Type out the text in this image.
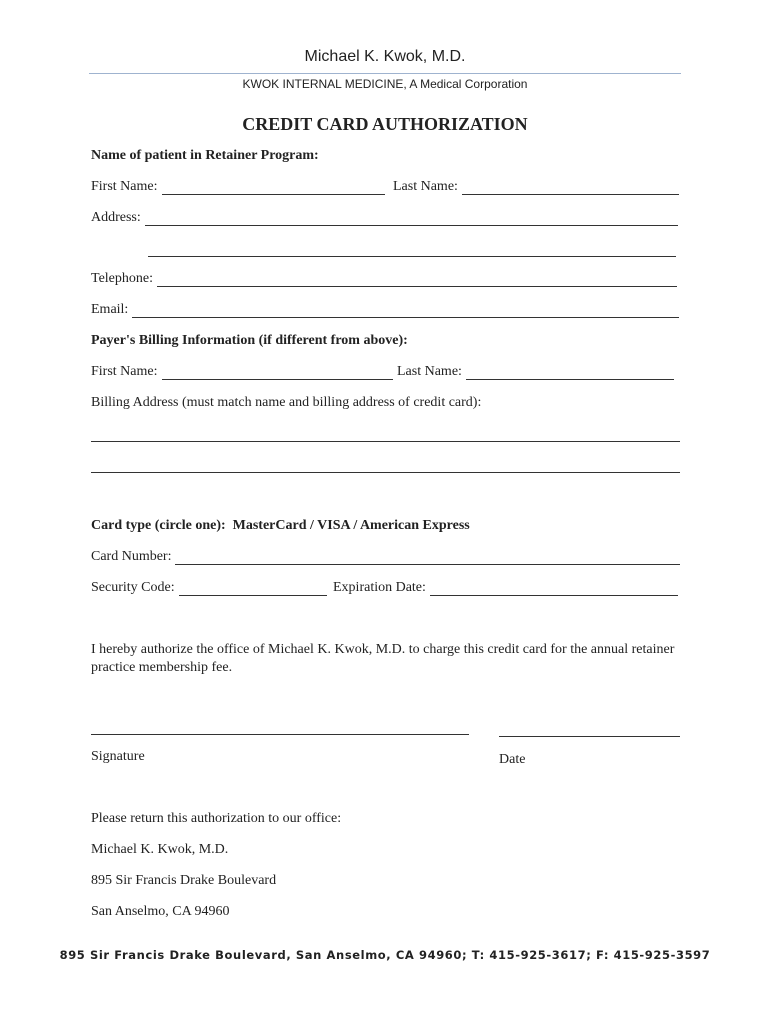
Michael K. Kwok, M.D.
KWOK INTERNAL MEDICINE, A Medical Corporation
CREDIT CARD AUTHORIZATION
Name of patient in Retainer Program:
First Name:	Last Name:
Address:
Telephone:
Email:
Payer's Billing Information (if different from above):
First Name:	Last Name:
Billing Address (must match name and billing address of credit card):
Card type (circle one): MasterCard / VISA / American Express
Card Number:
Security Code:	Expiration Date:
I hereby authorize the office of Michael K. Kwok, M.D. to charge this credit card for the annual retainer practice membership fee.
Signature	Date
Please return this authorization to our office:
Michael K. Kwok, M.D.
895 Sir Francis Drake Boulevard
San Anselmo, CA 94960
895 Sir Francis Drake Boulevard, San Anselmo, CA 94960; T: 415-925-3617; F: 415-925-3597
